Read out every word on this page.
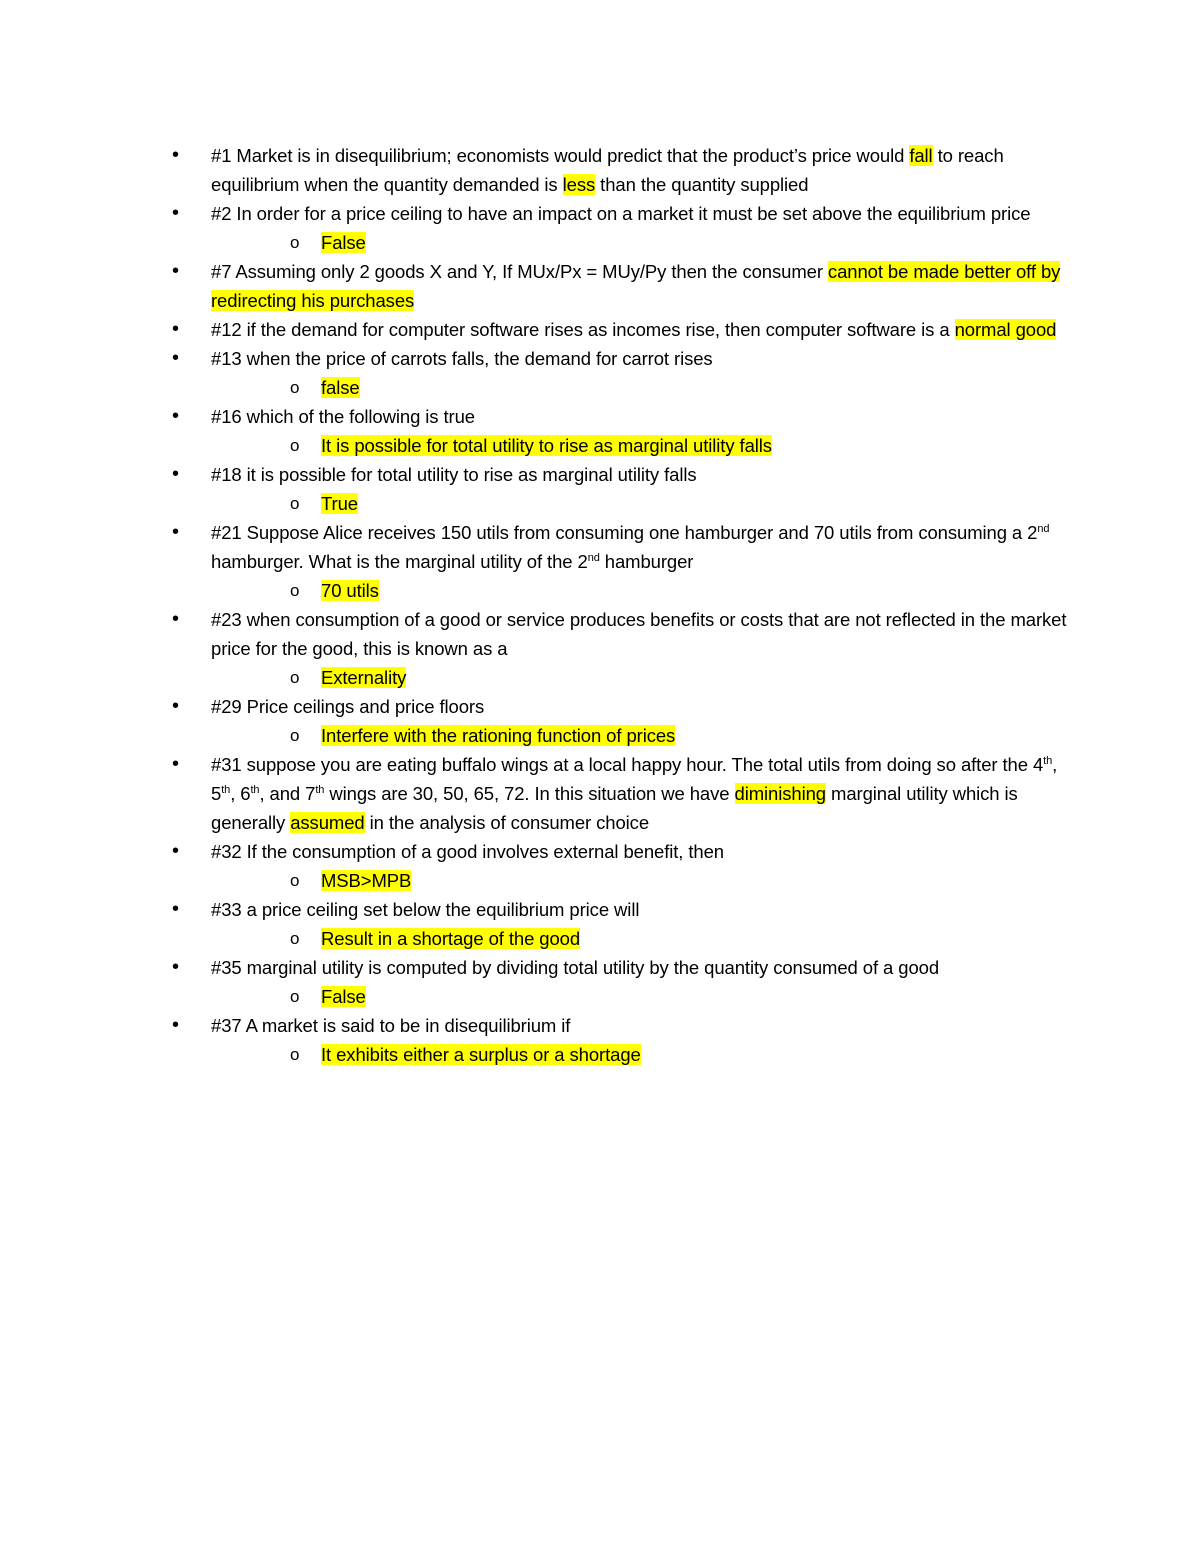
• #1 Market is in disequilibrium; economists would predict that the product’s price would fall to reach equilibrium when the quantity demanded is less than the quantity supplied
• #2 In order for a price ceiling to have an impact on a market it must be set above the equilibrium price
o False
• #7 Assuming only 2 goods X and Y, If MUx/Px = MUy/Py then the consumer cannot be made better off by redirecting his purchases
• #12 if the demand for computer software rises as incomes rise, then computer software is a normal good
• #13 when the price of carrots falls, the demand for carrot rises
o false
• #16 which of the following is true
o It is possible for total utility to rise as marginal utility falls
• #18 it is possible for total utility to rise as marginal utility falls
o True
• #21 Suppose Alice receives 150 utils from consuming one hamburger and 70 utils from consuming a 2nd hamburger. What is the marginal utility of the 2nd hamburger
o 70 utils
• #23 when consumption of a good or service produces benefits or costs that are not reflected in the market price for the good, this is known as a
o Externality
• #29 Price ceilings and price floors
o Interfere with the rationing function of prices
• #31 suppose you are eating buffalo wings at a local happy hour. The total utils from doing so after the 4th, 5th, 6th, and 7th wings are 30, 50, 65, 72. In this situation we have diminishing marginal utility which is generally assumed in the analysis of consumer choice
• #32 If the consumption of a good involves external benefit, then
o MSB>MPB
• #33 a price ceiling set below the equilibrium price will
o Result in a shortage of the good
• #35 marginal utility is computed by dividing total utility by the quantity consumed of a good
o False
• #37 A market is said to be in disequilibrium if
o It exhibits either a surplus or a shortage
